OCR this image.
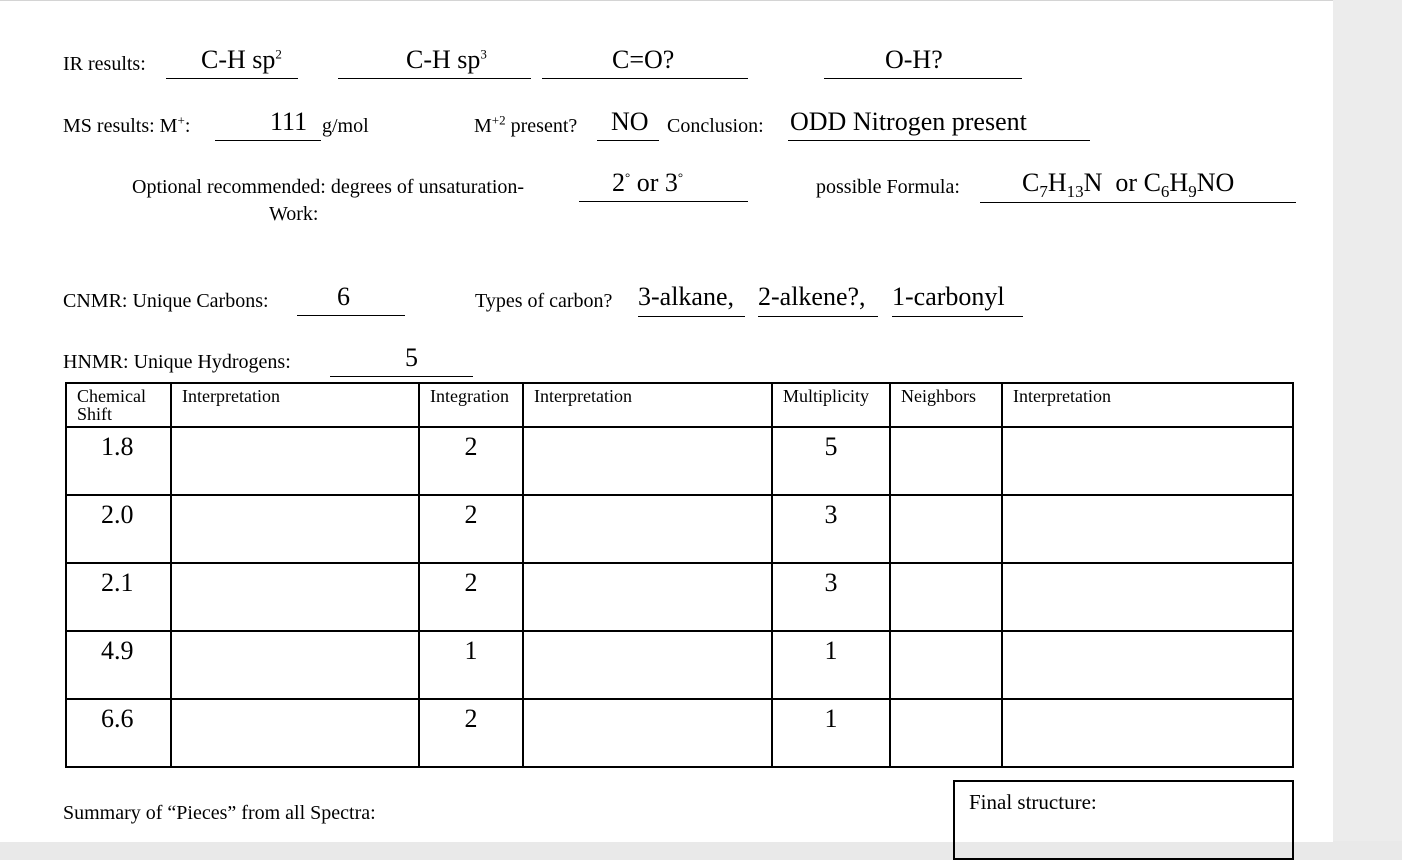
IR results: C-H $sp^2$	C-H $sp^3$	C=O?	O-H?
MS results: M+:	111 g/mol	$M^{+2}$ present? NO Conclusion: ODD Nitrogen present
Optional recommended: degrees of unsaturation-	2° or 3°
Work:
possible Formula: $C_7H_{13}N$ or $C_6H_9NO$
CNMR: Unique Carbons:	6	Types of carbon? 3-alkane, 2-alkene?, 1-carbonyl
HNMR: Unique Hydrogens:	5
Chemical Shift	Interpretation	Integration	Interpretation	Multiplicity	Neighbors	Interpretation
1.8		2		5		
2.0		2		3		
2.1		2		3		
4.9		1		1		
6.6		2		1		
Summary of “Pieces” from all Spectra:	Final structure:
